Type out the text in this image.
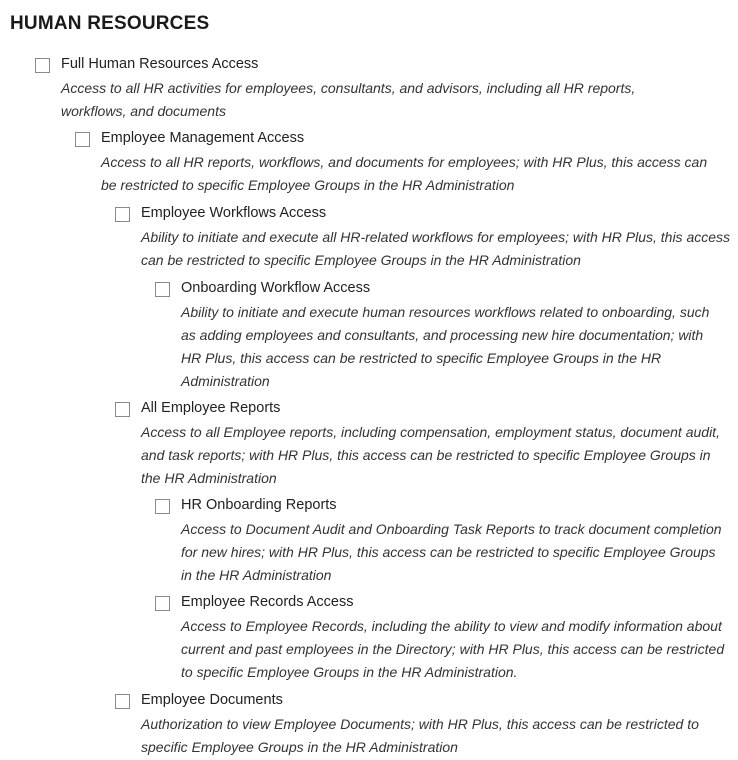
HUMAN RESOURCES
Full Human Resources Access

Access to all HR activities for employees, consultants, and advisors, including all HR reports, workflows, and documents

Employee Management Access

Access to all HR reports, workflows, and documents for employees; with HR Plus, this access can be restricted to specific Employee Groups in the HR Administration

Employee Workflows Access

Ability to initiate and execute all HR-related workflows for employees; with HR Plus, this access can be restricted to specific Employee Groups in the HR Administration

Onboarding Workflow Access

Ability to initiate and execute human resources workflows related to onboarding, such as adding employees and consultants, and processing new hire documentation; with HR Plus, this access can be restricted to specific Employee Groups in the HR Administration

All Employee Reports

Access to all Employee reports, including compensation, employment status, document audit, and task reports; with HR Plus, this access can be restricted to specific Employee Groups in the HR Administration

HR Onboarding Reports

Access to Document Audit and Onboarding Task Reports to track document completion for new hires; with HR Plus, this access can be restricted to specific Employee Groups in the HR Administration

Employee Records Access

Access to Employee Records, including the ability to view and modify information about current and past employees in the Directory; with HR Plus, this access can be restricted to specific Employee Groups in the HR Administration.

Employee Documents

Authorization to view Employee Documents; with HR Plus, this access can be restricted to specific Employee Groups in the HR Administration
